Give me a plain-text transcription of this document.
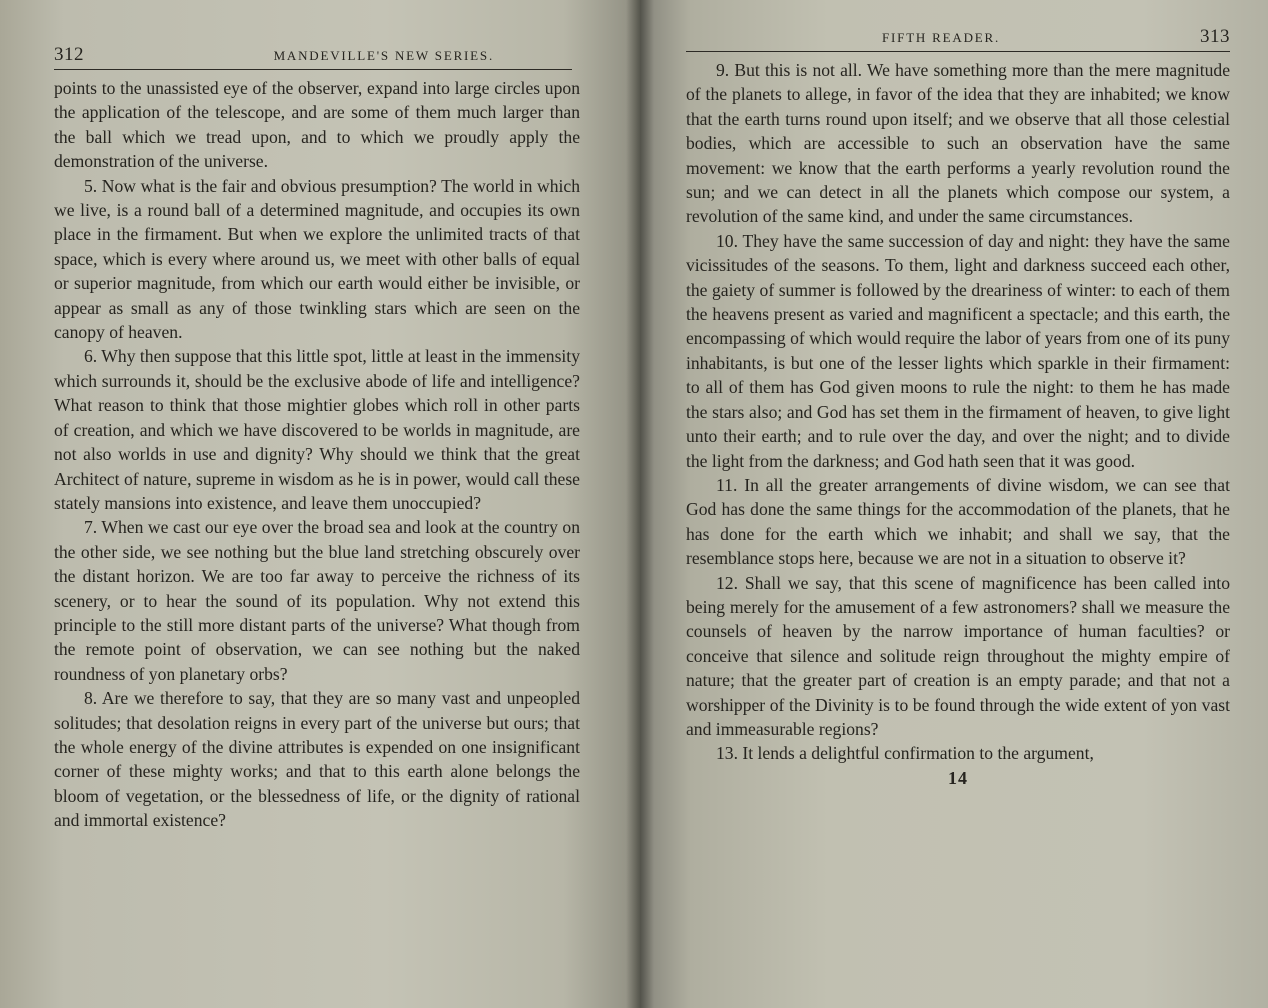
312	MANDEVILLE'S NEW SERIES.

points to the unassisted eye of the observer, expand into large circles upon the application of the telescope, and are some of them much larger than the ball which we tread upon, and to which we proudly apply the demonstration of the universe.

5. Now what is the fair and obvious presumption? The world in which we live, is a round ball of a determined magnitude, and occupies its own place in the firmament. But when we explore the unlimited tracts of that space, which is every where around us, we meet with other balls of equal or superior magnitude, from which our earth would either be invisible, or appear as small as any of those twinkling stars which are seen on the canopy of heaven.

6. Why then suppose that this little spot, little at least in the immensity which surrounds it, should be the exclusive abode of life and intelligence? What reason to think that those mightier globes which roll in other parts of creation, and which we have discovered to be worlds in magnitude, are not also worlds in use and dignity? Why should we think that the great Architect of nature, supreme in wisdom as he is in power, would call these stately mansions into existence, and leave them unoccupied?

7. When we cast our eye over the broad sea and look at the country on the other side, we see nothing but the blue land stretching obscurely over the distant horizon. We are too far away to perceive the richness of its scenery, or to hear the sound of its population. Why not extend this principle to the still more distant parts of the universe? What though from the remote point of observation, we can see nothing but the naked roundness of yon planetary orbs?

8. Are we therefore to say, that they are so many vast and unpeopled solitudes; that desolation reigns in every part of the universe but ours; that the whole energy of the divine attributes is expended on one insignificant corner of these mighty works; and that to this earth alone belongs the bloom of vegetation, or the blessedness of life, or the dignity of rational and immortal existence?

FIFTH READER.	313

9. But this is not all. We have something more than the mere magnitude of the planets to allege, in favor of the idea that they are inhabited; we know that the earth turns round upon itself; and we observe that all those celestial bodies, which are accessible to such an observation have the same movement: we know that the earth performs a yearly revolution round the sun; and we can detect in all the planets which compose our system, a revolution of the same kind, and under the same circumstances.

10. They have the same succession of day and night: they have the same vicissitudes of the seasons. To them, light and darkness succeed each other, the gaiety of summer is followed by the dreariness of winter: to each of them the heavens present as varied and magnificent a spectacle; and this earth, the encompassing of which would require the labor of years from one of its puny inhabitants, is but one of the lesser lights which sparkle in their firmament: to all of them has God given moons to rule the night: to them he has made the stars also; and God has set them in the firmament of heaven, to give light unto their earth; and to rule over the day, and over the night; and to divide the light from the darkness; and God hath seen that it was good.

11. In all the greater arrangements of divine wisdom, we can see that God has done the same things for the accommodation of the planets, that he has done for the earth which we inhabit; and shall we say, that the resemblance stops here, because we are not in a situation to observe it?

12. Shall we say, that this scene of magnificence has been called into being merely for the amusement of a few astronomers? shall we measure the counsels of heaven by the narrow importance of human faculties? or conceive that silence and solitude reign throughout the mighty empire of nature; that the greater part of creation is an empty parade; and that not a worshipper of the Divinity is to be found through the wide extent of yon vast and immeasurable regions?

13. It lends a delightful confirmation to the argument,

14
